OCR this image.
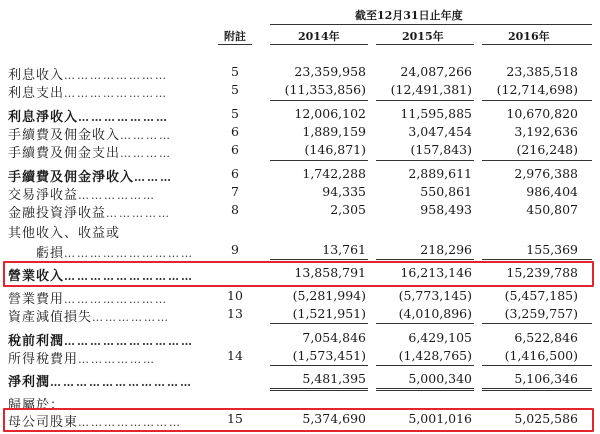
截至12月31日止年度
附註	2014年	2015年	2016年
利息收入……………………	5	23,359,958	24,087,266	23,385,518
利息支出……………………	5	(11,353,856)	(12,491,381)	(12,714,698)
利息淨收入…………………	5	12,006,102	11,595,885	10,670,820
手續費及佣金收入…………	6	1,889,159	3,047,454	3,192,636
手續費及佣金支出…………	6	(146,871)	(157,843)	(216,248)
手續費及佣金淨收入………	6	1,742,288	2,889,611	2,976,388
交易淨收益………………	7	94,335	550,861	986,404
金融投資淨收益……………	8	2,305	958,493	450,807
其他收入、收益或
虧損…………………………	9	13,761	218,296	155,369
營業收入…………………………	13,858,791	16,213,146	15,239,788
營業費用……………………	10	(5,281,994)	(5,773,145)	(5,457,185)
資產減值損失………………	13	(1,521,951)	(4,010,896)	(3,259,757)
稅前利潤…………………………	7,054,846	6,429,105	6,522,846
所得稅費用………………	14	(1,573,451)	(1,428,765)	(1,416,500)
淨利潤……………………………	5,481,395	5,000,340	5,106,346
歸屬於：
母公司股東……………………	15	5,374,690	5,001,016	5,025,586
